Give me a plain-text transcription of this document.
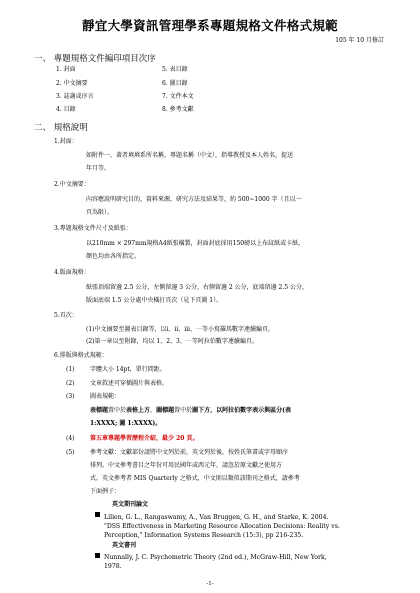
靜宜大學資訊管理學系專題規格文件格式規範
105 年 10 月修訂
一、 專題規格文件編印項目次序
1. 封面
2. 中文摘要
3. 誌謝或序言
4. 目錄
5. 表目錄
6. 圖目錄
7. 文件本文
8. 參考文獻
二、 規格說明
1.封面：
如附件一，著者填填系所名稱，專題名稱（中文），指導教授及本人姓名，提送
年月等。
2.中文摘要：
內容應說明研究目的，資料來源，研究方法及結果等，約 500~1000 字（且以一
頁為限）。
3.專題規格文件尺寸及紙張：
以210mm × 297mm規格A4紙張橫製，封面封底採用150磅以上布紋紙或卡紙，
顏色均由各所指定。
4.版面規格：
紙張頂端留邊 2.5 公分，左側留邊 3 公分，右側留邊 2 公分，底端留邊 2.5 公分，
版面底端 1.5 公分處中央橫打頁次（見下頁圖 1）。
5.頁次：
(1)中文摘要至圖表目錄等，以ⅰ、ⅱ、ⅲ、⋯等小寫羅馬數字連續編頁。
(2)第一章以至附錄，均以 1、2、3、⋯等阿拉伯數字連續編頁。
6.排版與格式規範：
(1)	字體大小 14pt，單行間距。
(2)	文章敘述可穿插圖片與表格。
(3)	圖表規範：
表標題置中於表格上方，圖標題置中於圖下方，以阿拉伯數字表示與區分(表
1:XXXX; 圖 1:XXXX)。
(4)	第五章專題學習歷程介紹，最少 20 頁。
(5)	參考文獻：文獻部份請將中文列於前，英文列於後，按姓氏筆畫或字母順序
排列。中文參考書目之年份可用民國年或西元年，請忽於原文獻之使用方
式。英文參考者 MIS Quarterly 之格式，中文則以類似該期刊之格式，請參考
下面例子：
英文期刊論文
Lilien, G. L., Rangaswamy, A., Van Bruggen, G. H., and Starke, K. 2004.
"DSS Effectiveness in Marketing Resource Allocation Decisions: Reality vs.
Perception," Information Systems Research (15:3), pp 216-235.
英文書刊
Nunnally, J. C. Psychometric Theory (2nd ed.), McGraw-Hill, New York,
1978.
-1-
